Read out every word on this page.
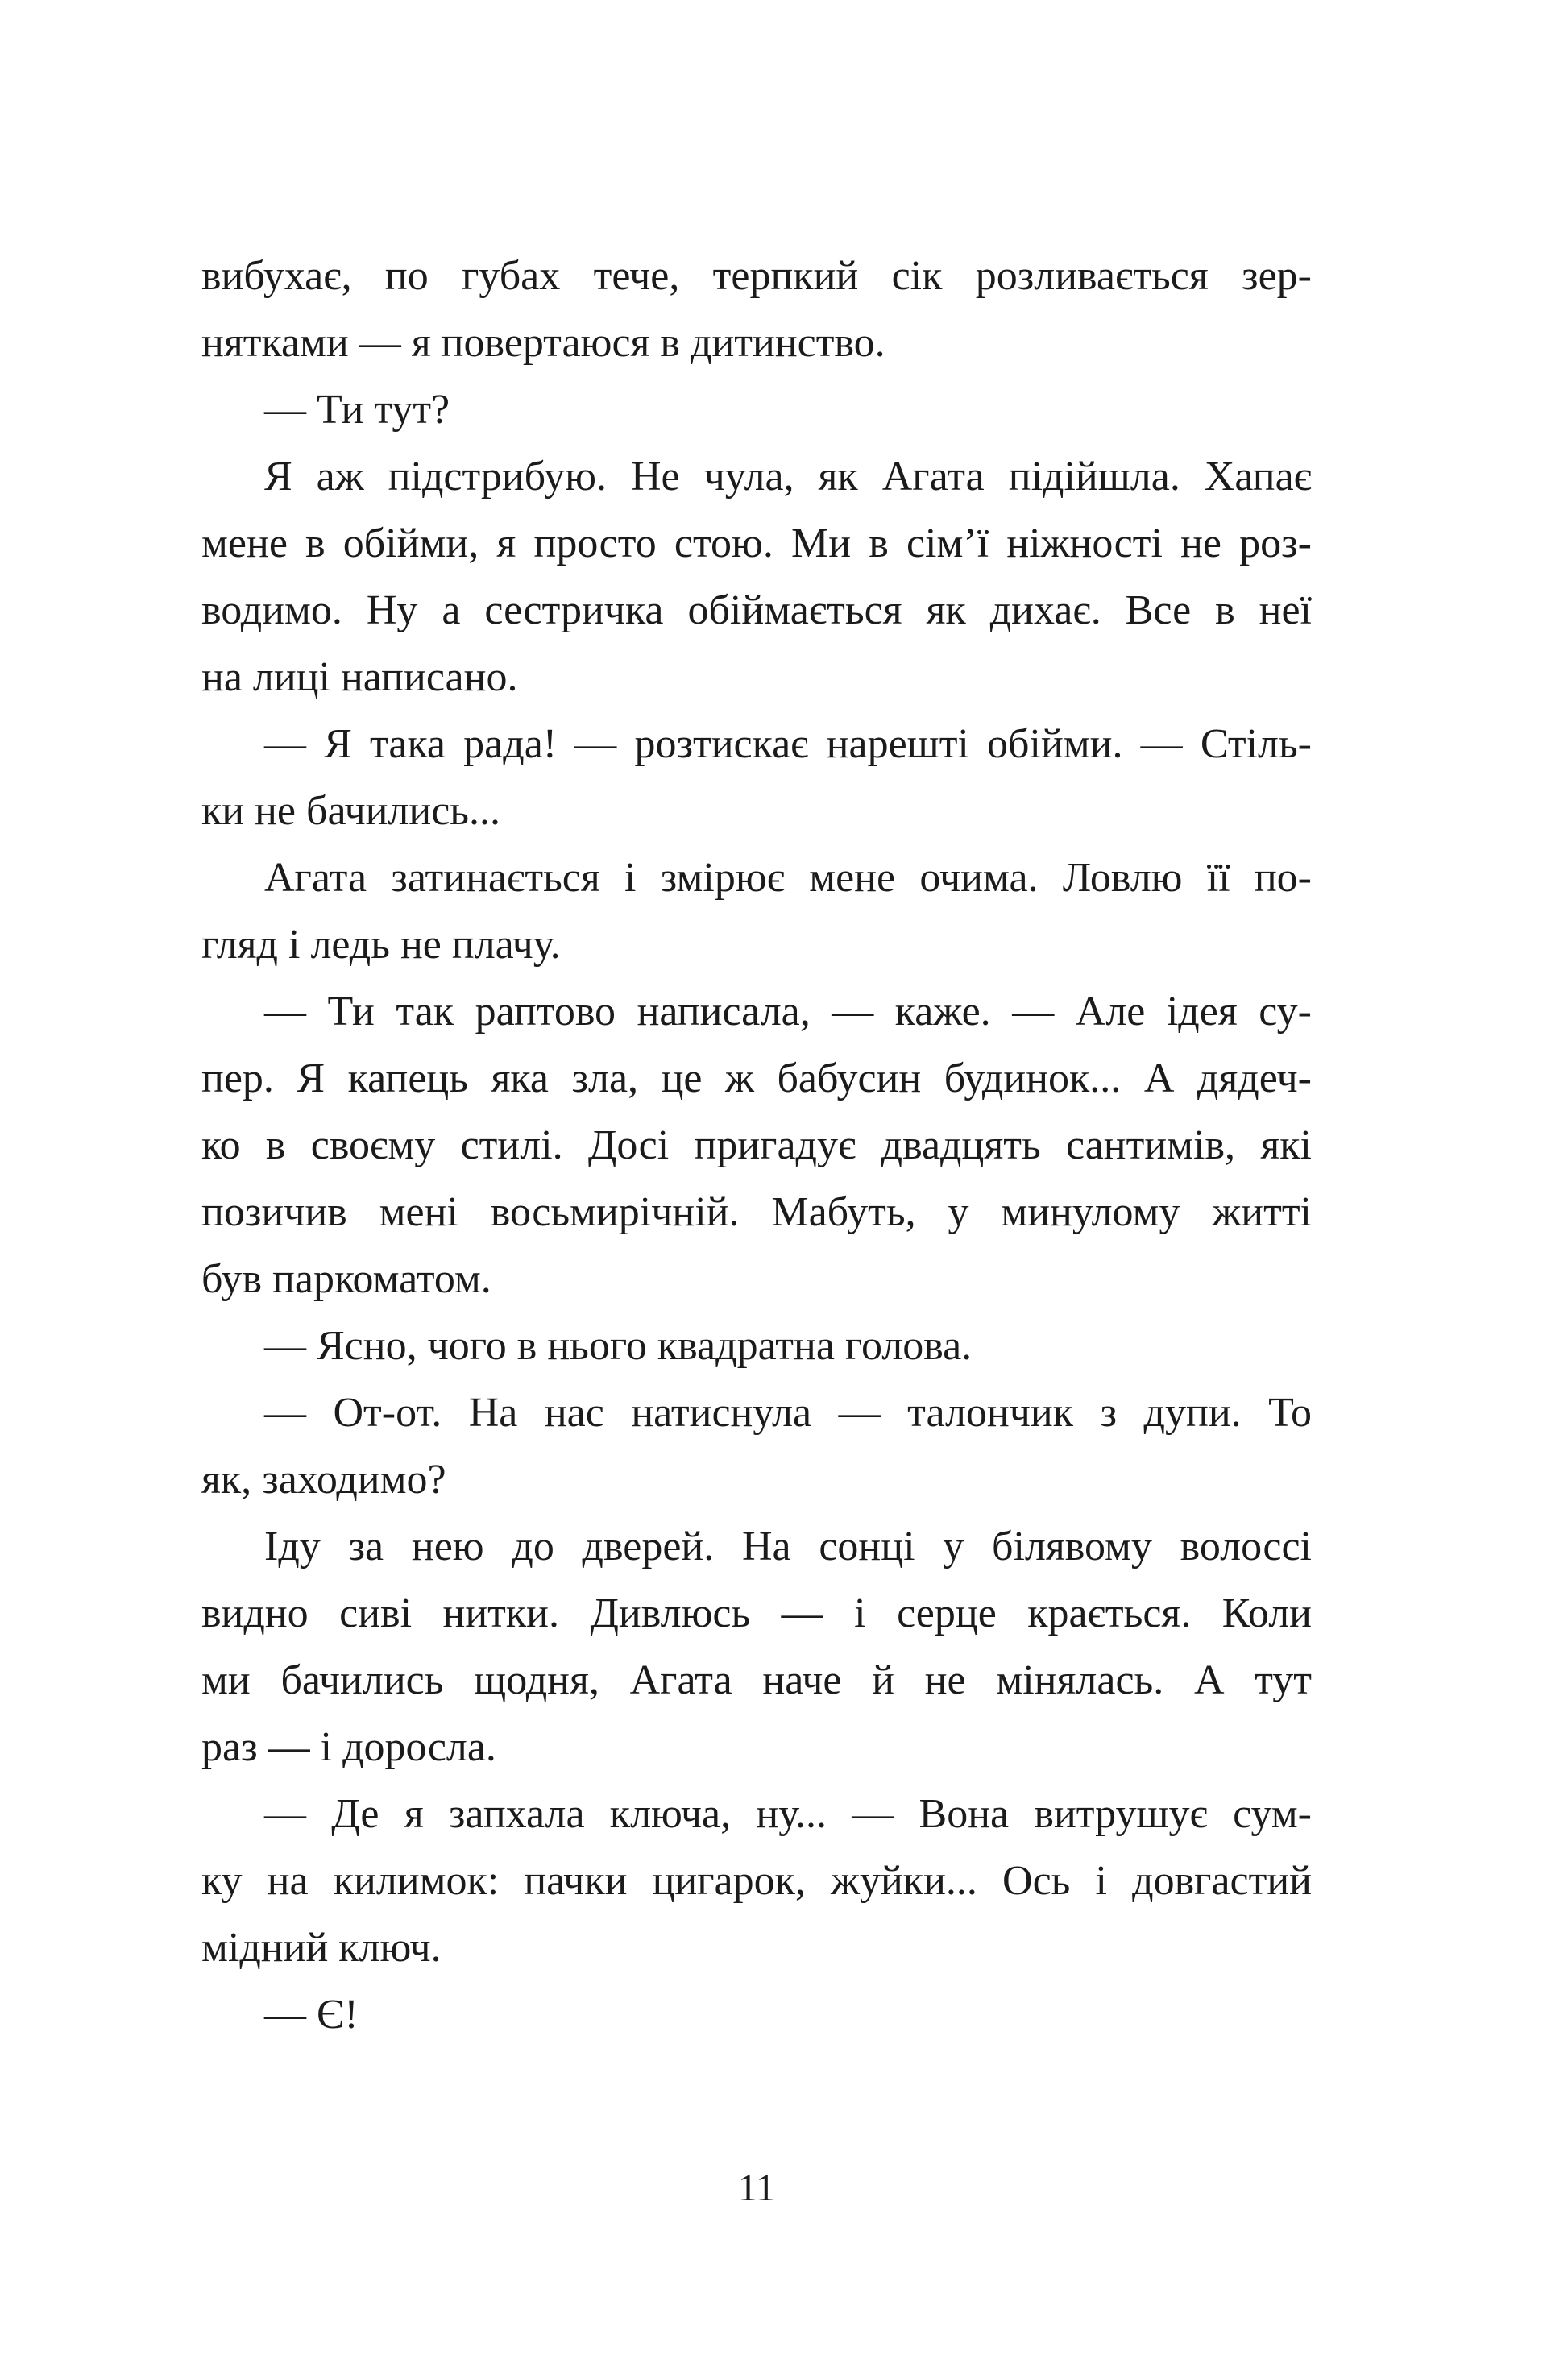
вибухає, по губах тече, терпкий сік розливається зер-
нятками — я повертаюся в дитинство.
— Ти тут?
Я аж підстрибую. Не чула, як Агата підійшла. Хапає
мене в обійми, я просто стою. Ми в сім’ї ніжності не роз-
водимо. Ну а сестричка обіймається як дихає. Все в неї
на лиці написано.
— Я така рада! — розтискає нарешті обійми. — Стіль-
ки не бачились...
Агата затинається і змірює мене очима. Ловлю її по-
гляд і ледь не плачу.
— Ти так раптово написала, — каже. — Але ідея су-
пер. Я капець яка зла, це ж бабусин будинок... А дядеч-
ко в своєму стилі. Досі пригадує двадцять сантимів, які
позичив мені восьмирічній. Мабуть, у минулому житті
був паркоматом.
— Ясно, чого в нього квадратна голова.
— От-от. На нас натиснула — талончик з дупи. То
як, заходимо?
Іду за нею до дверей. На сонці у білявому волоссі
видно сиві нитки. Дивлюсь — і серце крається. Коли
ми бачились щодня, Агата наче й не мінялась. А тут
раз — і доросла.
— Де я запхала ключа, ну... — Вона витрушує сум-
ку на килимок: пачки цигарок, жуйки... Ось і довгастий
мідний ключ.
— Є!
11
